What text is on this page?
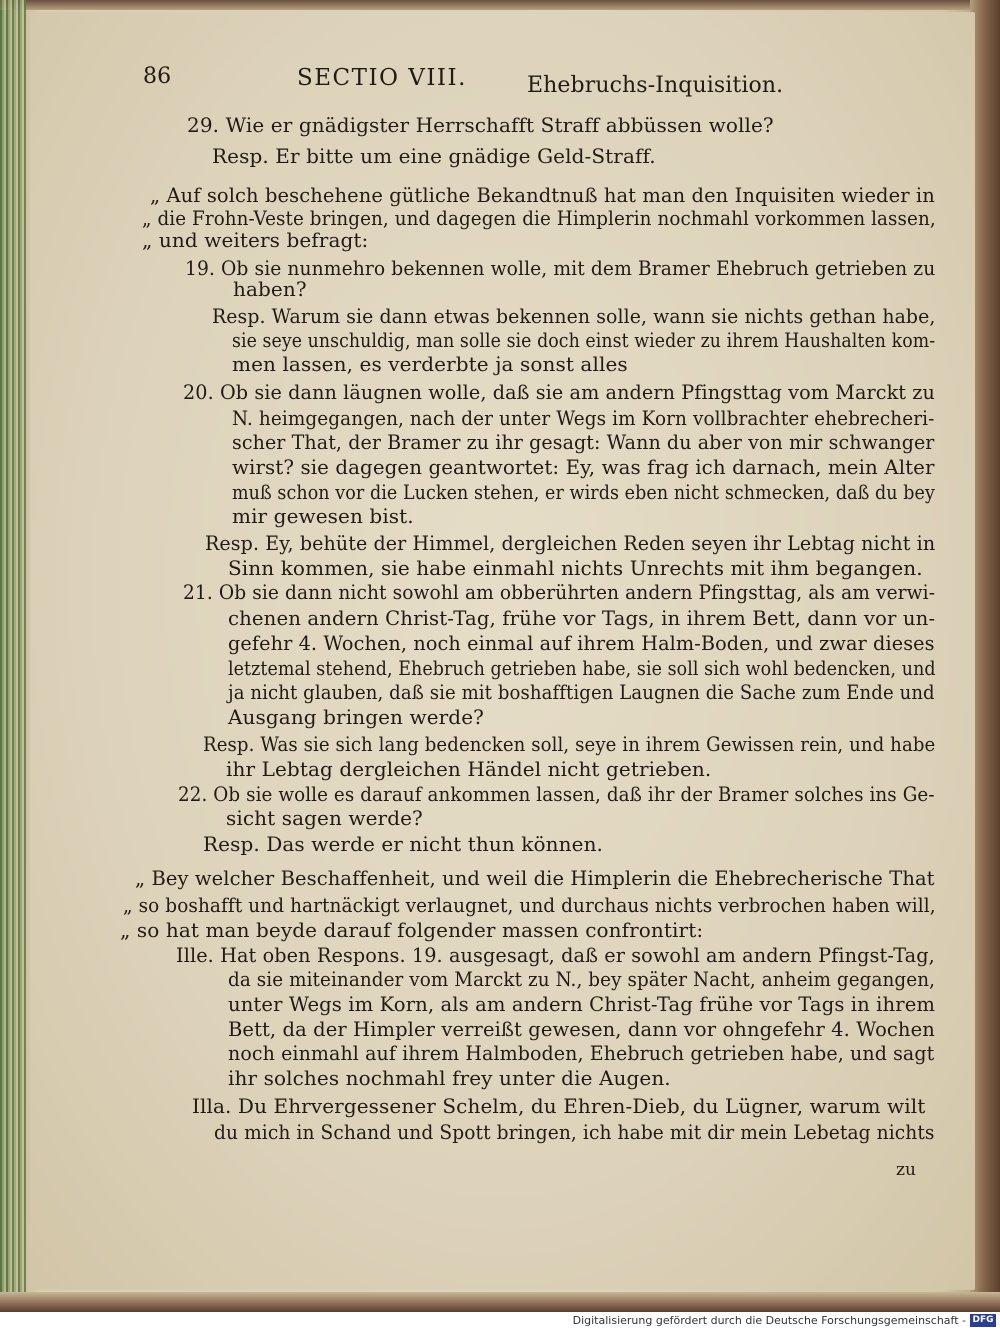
86	SECTIO VIII.	Ehebruchs-Inquisition.
29. Wie er gnädigster Herrschafft Straff abbüssen wolle?
Resp. Er bitte um eine gnädige Geld-Straff.
„ Auf solch beschehene gütliche Bekandtnuß hat man den Inquisiten wieder in
„ die Frohn-Veste bringen, und dagegen die Himplerin nochmahl vorkommen lassen,
„ und weiters befragt:
19. Ob sie nunmehro bekennen wolle, mit dem Bramer Ehebruch getrieben zu
haben?
Resp. Warum sie dann etwas bekennen solle, wann sie nichts gethan habe,
sie seye unschuldig, man solle sie doch einst wieder zu ihrem Haushalten kom-
men lassen, es verderbte ja sonst alles
20. Ob sie dann läugnen wolle, daß sie am andern Pfingsttag vom Marckt zu
N. heimgegangen, nach der unter Wegs im Korn vollbrachter ehebrecheri-
scher That, der Bramer zu ihr gesagt: Wann du aber von mir schwanger
wirst? sie dagegen geantwortet: Ey, was frag ich darnach, mein Alter
muß schon vor die Lucken stehen, er wirds eben nicht schmecken, daß du bey
mir gewesen bist.
Resp. Ey, behüte der Himmel, dergleichen Reden seyen ihr Lebtag nicht in
Sinn kommen, sie habe einmahl nichts Unrechts mit ihm begangen.
21. Ob sie dann nicht sowohl am obberührten andern Pfingsttag, als am verwi-
chenen andern Christ-Tag, frühe vor Tags, in ihrem Bett, dann vor un-
gefehr 4. Wochen, noch einmal auf ihrem Halm-Boden, und zwar dieses
letztemal stehend, Ehebruch getrieben habe, sie soll sich wohl bedencken, und
ja nicht glauben, daß sie mit boshafftigen Laugnen die Sache zum Ende und
Ausgang bringen werde?
Resp. Was sie sich lang bedencken soll, seye in ihrem Gewissen rein, und habe
ihr Lebtag dergleichen Händel nicht getrieben.
22. Ob sie wolle es darauf ankommen lassen, daß ihr der Bramer solches ins Ge-
sicht sagen werde?
Resp. Das werde er nicht thun können.
„ Bey welcher Beschaffenheit, und weil die Himplerin die Ehebrecherische That
„ so boshafft und hartnäckigt verlaugnet, und durchaus nichts verbrochen haben will,
„ so hat man beyde darauf folgender massen confrontirt:
Ille. Hat oben Respons. 19. ausgesagt, daß er sowohl am andern Pfingst-Tag,
da sie miteinander vom Marckt zu N., bey später Nacht, anheim gegangen,
unter Wegs im Korn, als am andern Christ-Tag frühe vor Tags in ihrem
Bett, da der Himpler verreißt gewesen, dann vor ohngefehr 4. Wochen
noch einmahl auf ihrem Halmboden, Ehebruch getrieben habe, und sagt
ihr solches nochmahl frey unter die Augen.
Illa. Du Ehrvergessener Schelm, du Ehren-Dieb, du Lügner, warum wilt
du mich in Schand und Spott bringen, ich habe mit dir mein Lebetag nichts
zu
Digitalisierung gefördert durch die Deutsche Forschungsgemeinschaft - DFG
